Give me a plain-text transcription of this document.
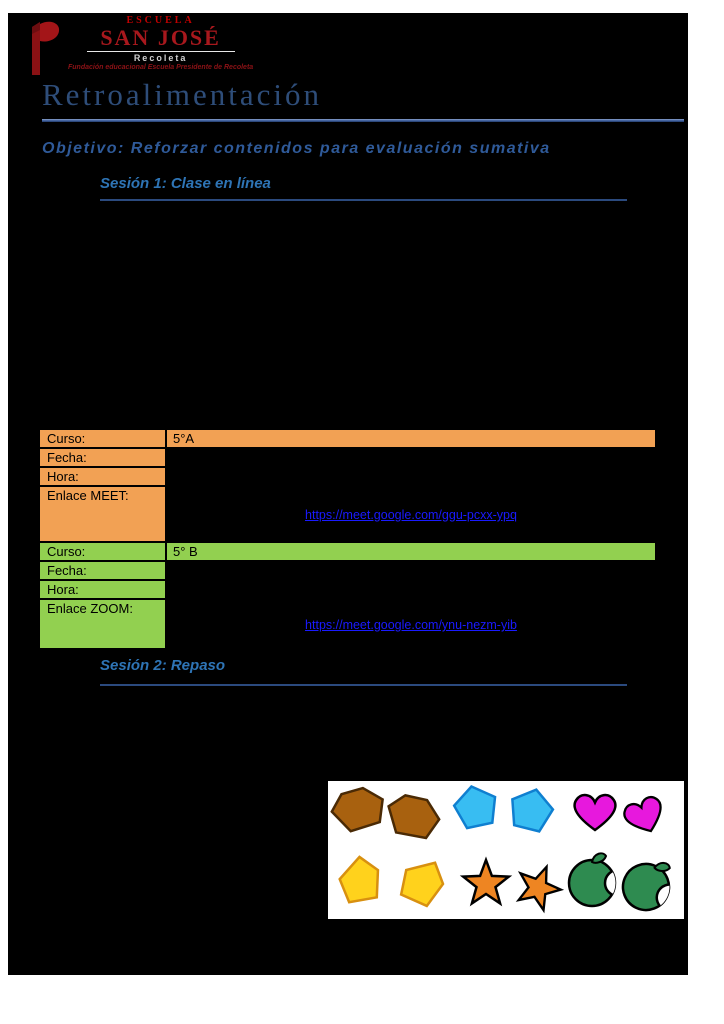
ESCUELA
SAN JOSÉ
Recoleta
Fundación educacional Escuela Presidente de Recoleta
Retroalimentación
Objetivo: Reforzar contenidos para evaluación sumativa
Sesión 1: Clase en línea
Curso:	5°A
Fecha:
Hora:
Enlace MEET:
https://meet.google.com/ggu-pcxx-ypq
Curso:	5° B
Fecha:
Hora:
Enlace ZOOM:
https://meet.google.com/ynu-nezm-yib
Sesión 2: Repaso
